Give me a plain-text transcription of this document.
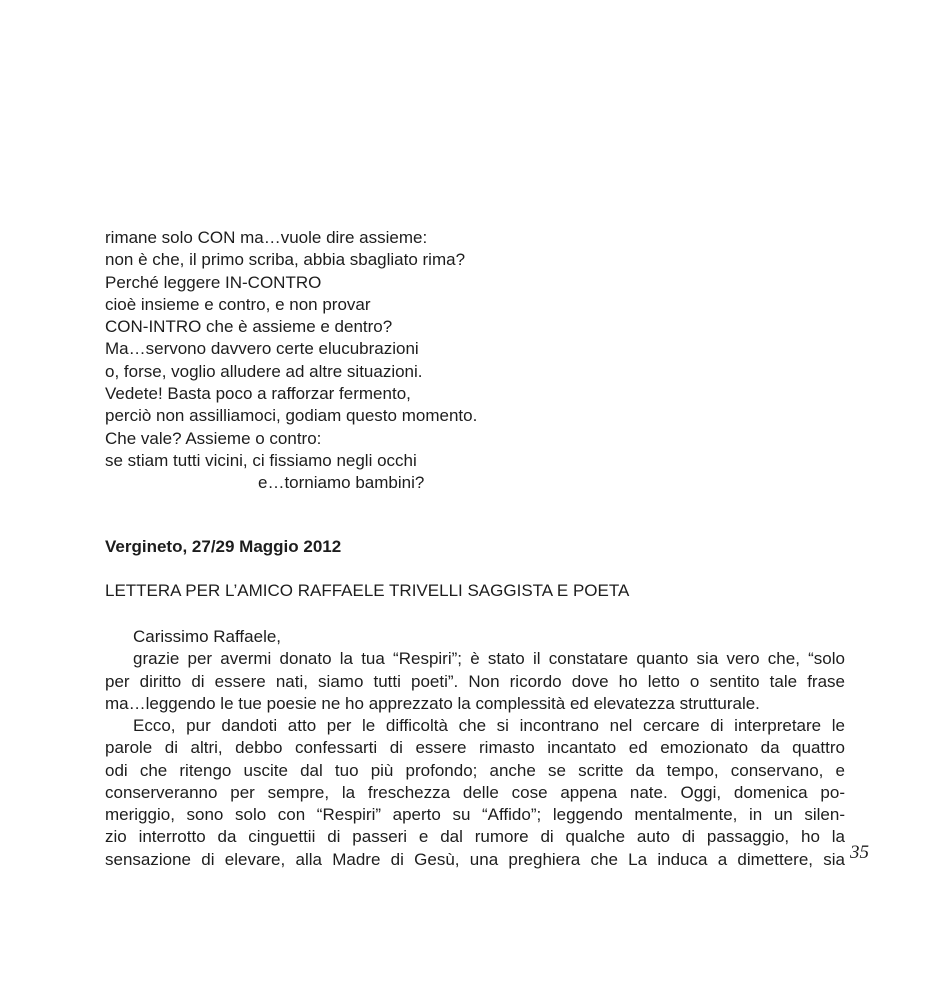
rimane solo CON ma…vuole dire assieme:
non è che, il primo scriba, abbia sbagliato rima?
Perché leggere IN-CONTRO
cioè insieme e contro, e non provar
CON-INTRO che è assieme e dentro?
Ma…servono davvero certe elucubrazioni
o, forse, voglio alludere ad altre situazioni.
Vedete! Basta poco a rafforzar fermento,
perciò non assilliamoci, godiam questo momento.
Che vale? Assieme o contro:
se stiam tutti vicini, ci fissiamo negli occhi
e…torniamo bambini?
Vergineto, 27/29 Maggio 2012
LETTERA PER L’AMICO RAFFAELE TRIVELLI SAGGISTA E POETA
Carissimo Raffaele,
grazie per avermi donato la tua “Respiri”; è stato il constatare quanto sia vero che, “solo
per diritto di essere nati, siamo tutti poeti”. Non ricordo dove ho letto o sentito tale frase
ma…leggendo le tue poesie ne ho apprezzato la complessità ed elevatezza strutturale.
Ecco, pur dandoti atto per le difficoltà che si incontrano nel cercare di interpretare le
parole di altri, debbo confessarti di essere rimasto incantato ed emozionato da quattro
odi che ritengo uscite dal tuo più profondo; anche se scritte da tempo, conservano, e
conserveranno per sempre, la freschezza delle cose appena nate. Oggi, domenica po-
meriggio, sono solo con “Respiri” aperto su “Affido”; leggendo mentalmente, in un silen-
zio interrotto da cinguettii di passeri e dal rumore di qualche auto di passaggio, ho la
sensazione di elevare, alla Madre di Gesù, una preghiera che La induca a dimettere, sia 35
